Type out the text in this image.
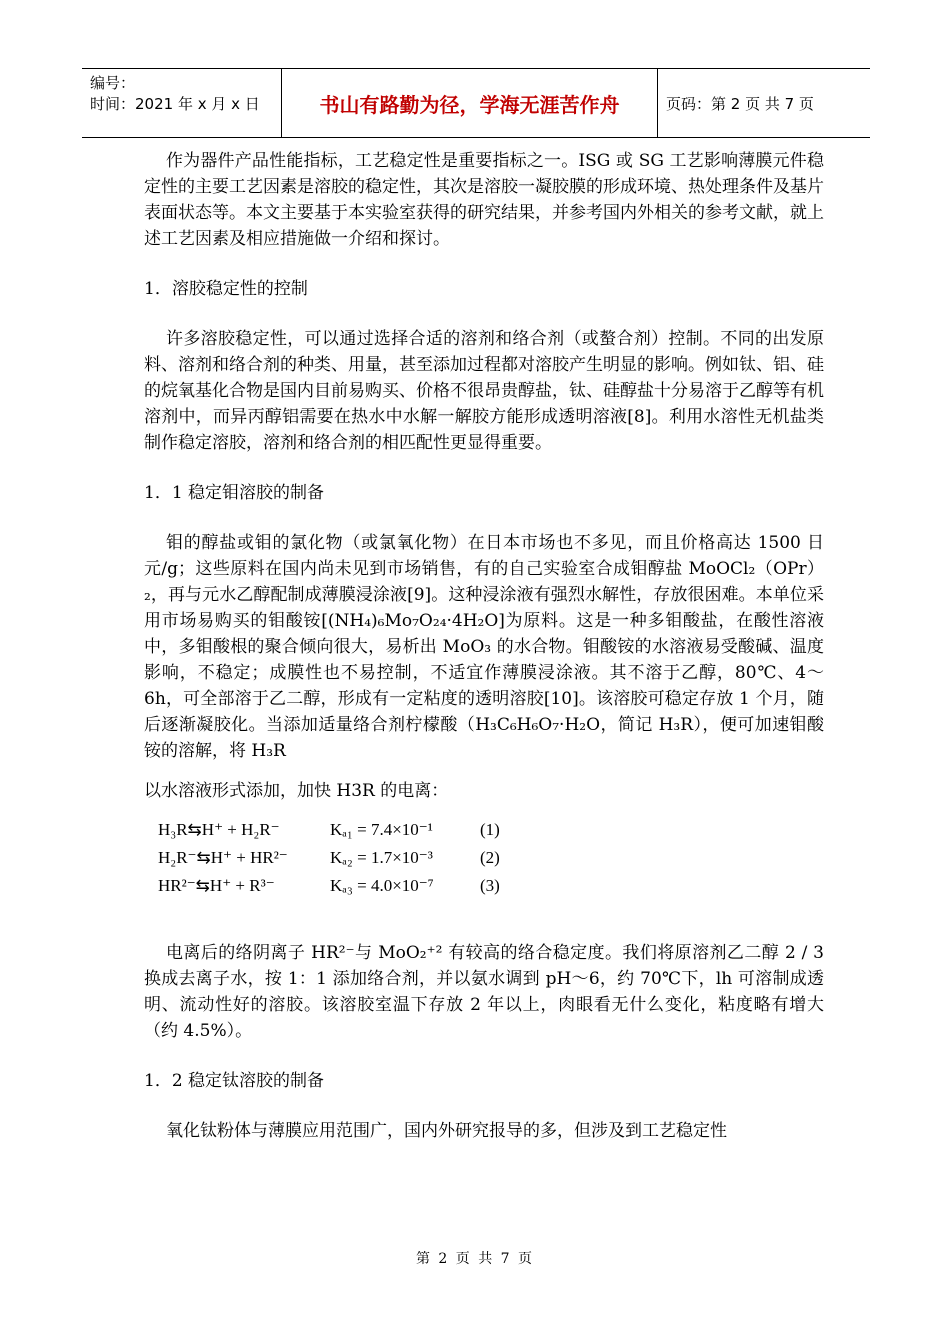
编号：
时间：2021 年 x 月 x 日	书山有路勤为径，学海无涯苦作舟	页码：第 2 页 共 7 页

作为器件产品性能指标，工艺稳定性是重要指标之一。ISG 或 SG 工艺影响薄膜元件稳定性的主要工艺因素是溶胶的稳定性，其次是溶胶一凝胶膜的形成环境、热处理条件及基片表面状态等。本文主要基于本实验室获得的研究结果，并参考国内外相关的参考文献，就上述工艺因素及相应措施做一介绍和探讨。

1．溶胶稳定性的控制

许多溶胶稳定性，可以通过选择合适的溶剂和络合剂（或螯合剂）控制。不同的出发原料、溶剂和络合剂的种类、用量，甚至添加过程都对溶胶产生明显的影响。例如钛、铝、硅的烷氧基化合物是国内目前易购买、价格不很昂贵醇盐，钛、硅醇盐十分易溶于乙醇等有机溶剂中，而异丙醇铝需要在热水中水解一解胶方能形成透明溶液[8]。利用水溶性无机盐类制作稳定溶胶，溶剂和络合剂的相匹配性更显得重要。

1．1 稳定钼溶胶的制备

钼的醇盐或钼的氯化物（或氯氧化物）在日本市场也不多见，而且价格高达 1500 日元/g；这些原料在国内尚未见到市场销售，有的自己实验室合成钼醇盐 MoOCl₂（OPr）₂，再与元水乙醇配制成薄膜浸涂液[9]。这种浸涂液有强烈水解性，存放很困难。本单位采用市场易购买的钼酸铵[(NH₄)₆Mo₇O₂₄·4H₂O]为原料。这是一种多钼酸盐，在酸性溶液中，多钼酸根的聚合倾向很大，易析出 MoO₃ 的水合物。钼酸铵的水溶液易受酸碱、温度影响，不稳定；成膜性也不易控制，不适宜作薄膜浸涂液。其不溶于乙醇，80℃、4～6h，可全部溶于乙二醇，形成有一定粘度的透明溶胶[10]。该溶胶可稳定存放 1 个月，随后逐渐凝胶化。当添加适量络合剂柠檬酸（H₃C₆H₆O₇·H₂O，简记 H₃R），便可加速钼酸铵的溶解，将 H₃R

以水溶液形式添加，加快 H3R 的电离：

H₃R⇆H⁺ + H₂R⁻	Kₐ₁ = 7.4×10⁻¹	(1)
H₂R⁻⇆H⁺ + HR²⁻	Kₐ₂ = 1.7×10⁻³	(2)
HR²⁻⇆H⁺ + R³⁻	Kₐ₃ = 4.0×10⁻⁷	(3)

电离后的络阴离子 HR²⁻与 MoO₂⁺² 有较高的络合稳定度。我们将原溶剂乙二醇 2 / 3 换成去离子水，按 1：1 添加络合剂，并以氨水调到 pH～6，约 70℃下，lh 可溶制成透明、流动性好的溶胶。该溶胶室温下存放 2 年以上，肉眼看无什么变化，粘度略有增大（约 4.5%）。

1．2 稳定钛溶胶的制备

氧化钛粉体与薄膜应用范围广，国内外研究报导的多，但涉及到工艺稳定性

第 2 页 共 7 页
